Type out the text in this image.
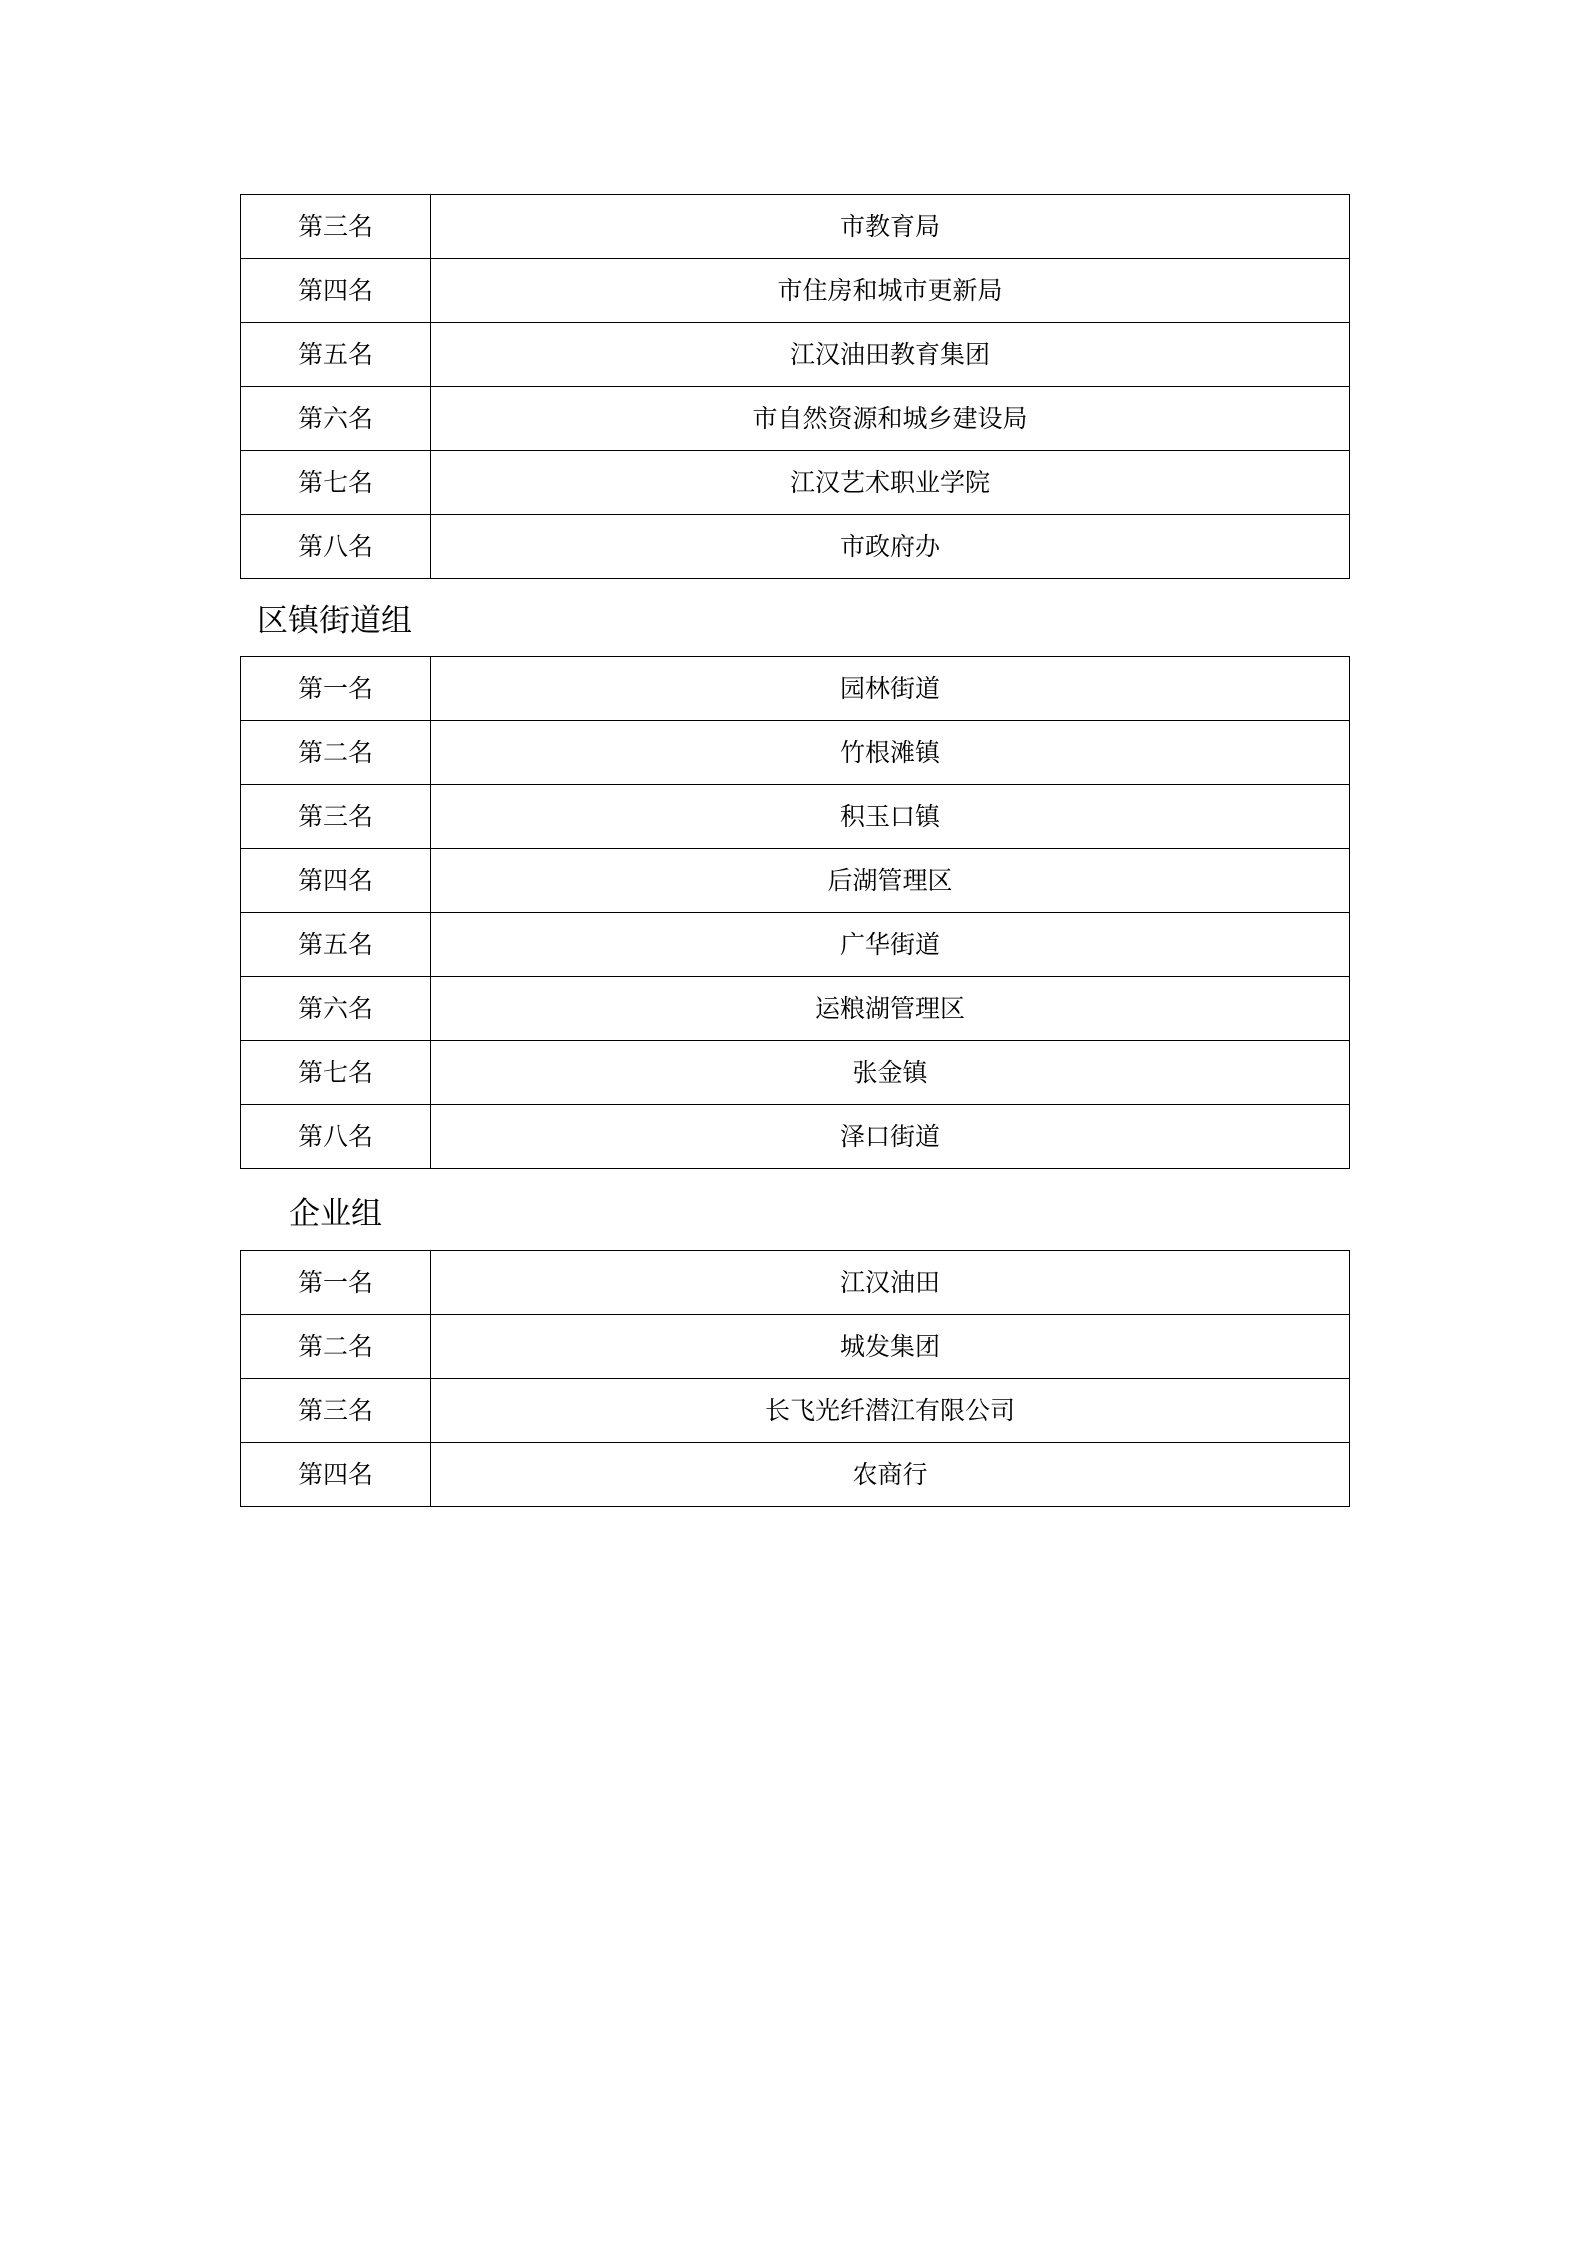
第三名	市教育局
第四名	市住房和城市更新局
第五名	江汉油田教育集团
第六名	市自然资源和城乡建设局
第七名	江汉艺术职业学院
第八名	市政府办
区镇街道组
第一名	园林街道
第二名	竹根滩镇
第三名	积玉口镇
第四名	后湖管理区
第五名	广华街道
第六名	运粮湖管理区
第七名	张金镇
第八名	泽口街道
企业组
第一名	江汉油田
第二名	城发集团
第三名	长飞光纤潜江有限公司
第四名	农商行
